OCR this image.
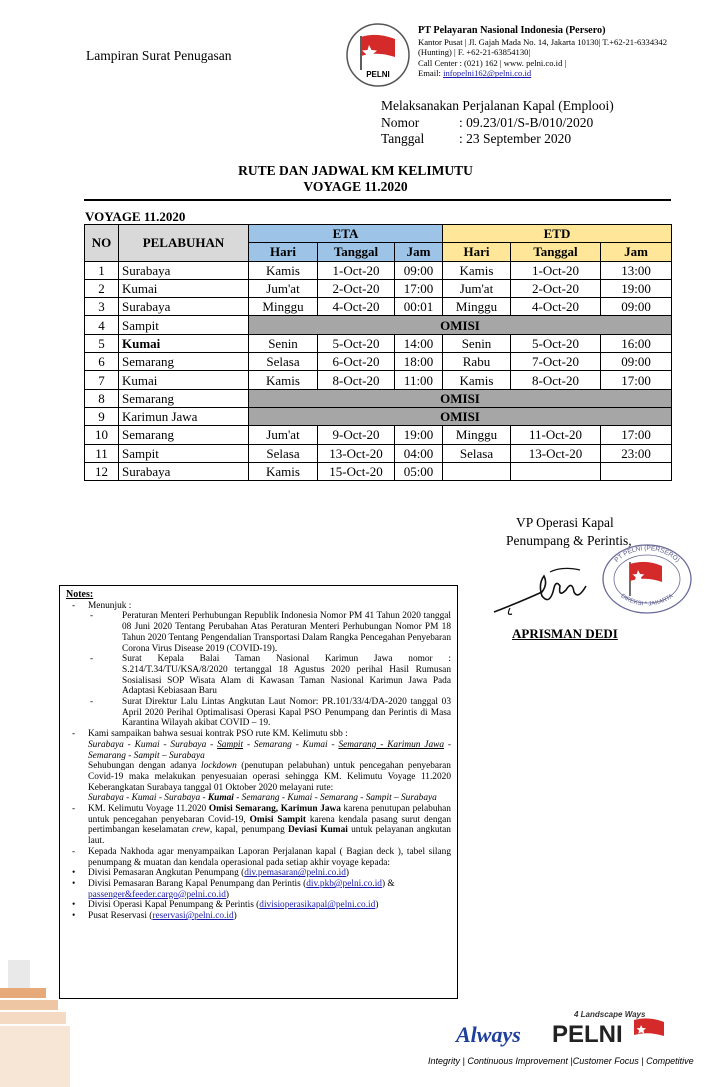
Lampiran Surat Penugasan
PELNI
PT Pelayaran Nasional Indonesia (Persero)
Kantor Pusat | Jl. Gajah Mada No. 14, Jakarta 10130| T.+62-21-6334342
(Hunting) | F. +62-21-63854130|
Call Center : (021) 162 | www. pelni.co.id |
Email: infopelni162@pelni.co.id
Melaksanakan Perjalanan Kapal (Emplooi)
Nomor	: 09.23/01/S-B/010/2020
Tanggal	: 23 September 2020
RUTE DAN JADWAL KM KELIMUTU
VOYAGE 11.2020
VOYAGE 11.2020
NO	PELABUHAN	ETA			ETD		
		Hari	Tanggal	Jam	Hari	Tanggal	Jam
1	Surabaya	Kamis	1-Oct-20	09:00	Kamis	1-Oct-20	13:00
2	Kumai	Jum'at	2-Oct-20	17:00	Jum'at	2-Oct-20	19:00
3	Surabaya	Minggu	4-Oct-20	00:01	Minggu	4-Oct-20	09:00
4	Sampit	OMISI					
5	Kumai	Senin	5-Oct-20	14:00	Senin	5-Oct-20	16:00
6	Semarang	Selasa	6-Oct-20	18:00	Rabu	7-Oct-20	09:00
7	Kumai	Kamis	8-Oct-20	11:00	Kamis	8-Oct-20	17:00
8	Semarang	OMISI					
9	Karimun Jawa	OMISI					
10	Semarang	Jum'at	9-Oct-20	19:00	Minggu	11-Oct-20	17:00
11	Sampit	Selasa	13-Oct-20	04:00	Selasa	13-Oct-20	23:00
12	Surabaya	Kamis	15-Oct-20	05:00			
VP Operasi Kapal
Penumpang & Perintis,
PT PELNI (PERSERO)
DIREKSI * JAKARTA
APRISMAN DEDI
Notes:
- Menunjuk :
-	Peraturan Menteri Perhubungan Republik Indonesia Nomor PM 41 Tahun 2020 tanggal 08 Juni 2020 Tentang Perubahan Atas Peraturan Menteri Perhubungan Nomor PM 18 Tahun 2020 Tentang Pengendalian Transportasi Dalam Rangka Pencegahan Penyebaran Corona Virus Disease 2019 (COVID-19).
-	Surat Kepala Balai Taman Nasional Karimun Jawa nomor : S.214/T.34/TU/KSA/8/2020 tertanggal 18 Agustus 2020 perihal Hasil Rumusan Sosialisasi SOP Wisata Alam di Kawasan Taman Nasional Karimun Jawa Pada Adaptasi Kebiasaan Baru
-	Surat Direktur Lalu Lintas Angkutan Laut Nomor: PR.101/33/4/DA-2020 tanggal 03 April 2020 Perihal Optimalisasi Operasi Kapal PSO Penumpang dan Perintis di Masa Karantina Wilayah akibat COVID – 19.
- Kami sampaikan bahwa sesuai kontrak PSO rute KM. Kelimutu sbb :
Surabaya - Kumai - Surabaya - Sampit - Semarang - Kumai - Semarang - Karimun Jawa - Semarang - Sampit – Surabaya
Sehubungan dengan adanya lockdown (penutupan pelabuhan) untuk pencegahan penyebaran Covid-19 maka melakukan penyesuaian operasi sehingga KM. Kelimutu Voyage 11.2020 Keberangkatan Surabaya tanggal 01 Oktober 2020 melayani rute:
Surabaya - Kumai - Surabaya - Kumai - Semarang - Kumai - Semarang - Sampit – Surabaya
- KM. Kelimutu Voyage 11.2020 Omisi Semarang, Karimun Jawa karena penutupan pelabuhan untuk pencegahan penyebaran Covid-19, Omisi Sampit karena kendala pasang surut dengan pertimbangan keselamatan crew, kapal, penumpang Deviasi Kumai untuk pelayanan angkutan laut.
- Kepada Nakhoda agar menyampaikan Laporan Perjalanan kapal ( Bagian deck ), tabel silang penumpang & muatan dan kendala operasional pada setiap akhir voyage kepada:
• Divisi Pemasaran Angkutan Penumpang (div.pemasaran@pelni.co.id)
• Divisi Pemasaran Barang Kapal Penumpang dan Perintis (div.pkb@pelni.co.id) &
passenger&feeder.cargo@pelni.co.id)
• Divisi Operasi Kapal Penumpang & Perintis (divisioperasikapal@pelni.co.id)
• Pusat Reservasi (reservasi@pelni.co.id)
4 Landscape Ways
Always PELNI
Integrity | Continuous Improvement |Customer Focus | Competitive
